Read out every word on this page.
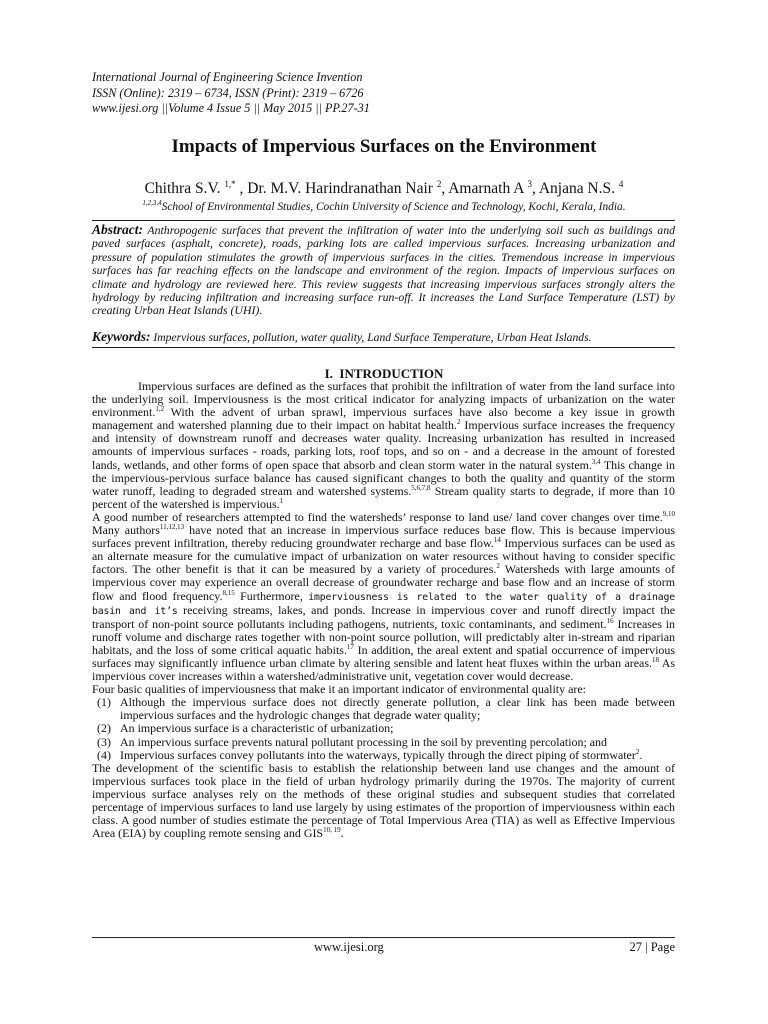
International Journal of Engineering Science Invention
ISSN (Online): 2319 – 6734, ISSN (Print): 2319 – 6726
www.ijesi.org ||Volume 4 Issue 5 || May 2015 || PP.27-31
Impacts of Impervious Surfaces on the Environment
Chithra S.V. $^{1,*}$ , Dr. M.V. Harindranathan Nair $^2$, Amarnath A $^3$, Anjana N.S. $^4$
$^{1,2,3,4}$School of Environmental Studies, Cochin University of Science and Technology, Kochi, Kerala, India.
Abstract: Anthropogenic surfaces that prevent the infiltration of water into the underlying soil such as buildings and paved surfaces (asphalt, concrete), roads, parking lots are called impervious surfaces. Increasing urbanization and pressure of population stimulates the growth of impervious surfaces in the cities. Tremendous increase in impervious surfaces has far reaching effects on the landscape and environment of the region. Impacts of impervious surfaces on climate and hydrology are reviewed here. This review suggests that increasing impervious surfaces strongly alters the hydrology by reducing infiltration and increasing surface run-off. It increases the Land Surface Temperature (LST) by creating Urban Heat Islands (UHI).
Keywords: Impervious surfaces, pollution, water quality, Land Surface Temperature, Urban Heat Islands.
I. INTRODUCTION

Impervious surfaces are defined as the surfaces that prohibit the infiltration of water from the land surface into the underlying soil. Imperviousness is the most critical indicator for analyzing impacts of urbanization on the water environment.$^{1,2}$ With the advent of urban sprawl, impervious surfaces have also become a key issue in growth management and watershed planning due to their impact on habitat health.$^2$ Impervious surface increases the frequency and intensity of downstream runoff and decreases water quality. Increasing urbanization has resulted in increased amounts of impervious surfaces - roads, parking lots, roof tops, and so on - and a decrease in the amount of forested lands, wetlands, and other forms of open space that absorb and clean storm water in the natural system.$^{3,4}$ This change in the impervious-pervious surface balance has caused significant changes to both the quality and quantity of the storm water runoff, leading to degraded stream and watershed systems.$^{5,6,7,8}$ Stream quality starts to degrade, if more than 10 percent of the watershed is impervious.$^1$

A good number of researchers attempted to find the watersheds’ response to land use/ land cover changes over time.$^{9,10}$ Many authors$^{11,12,13}$ have noted that an increase in impervious surface reduces base flow. This is because impervious surfaces prevent infiltration, thereby reducing groundwater recharge and base flow.$^{14}$ Impervious surfaces can be used as an alternate measure for the cumulative impact of urbanization on water resources without having to consider specific factors. The other benefit is that it can be measured by a variety of procedures.$^2$ Watersheds with large amounts of impervious cover may experience an overall decrease of groundwater recharge and base flow and an increase of storm flow and flood frequency.$^{8,15}$ Furthermore, imperviousness is related to the water quality of a drainage basin and it’s receiving streams, lakes, and ponds. Increase in impervious cover and runoff directly impact the transport of non-point source pollutants including pathogens, nutrients, toxic contaminants, and sediment.$^{16}$ Increases in runoff volume and discharge rates together with non-point source pollution, will predictably alter in-stream and riparian habitats, and the loss of some critical aquatic habits.$^{17}$ In addition, the areal extent and spatial occurrence of impervious surfaces may significantly influence urban climate by altering sensible and latent heat fluxes within the urban areas.$^{18}$ As impervious cover increases within a watershed/administrative unit, vegetation cover would decrease.

Four basic qualities of imperviousness that make it an important indicator of environmental quality are:

(1) Although the impervious surface does not directly generate pollution, a clear link has been made between impervious surfaces and the hydrologic changes that degrade water quality;
(2) An impervious surface is a characteristic of urbanization;
(3) An impervious surface prevents natural pollutant processing in the soil by preventing percolation; and
(4) Impervious surfaces convey pollutants into the waterways, typically through the direct piping of stormwater$^2$.

The development of the scientific basis to establish the relationship between land use changes and the amount of impervious surfaces took place in the field of urban hydrology primarily during the 1970s. The majority of current impervious surface analyses rely on the methods of these original studies and subsequent studies that correlated percentage of impervious surfaces to land use largely by using estimates of the proportion of imperviousness within each class. A good number of studies estimate the percentage of Total Impervious Area (TIA) as well as Effective Impervious Area (EIA) by coupling remote sensing and GIS$^{10, 19}$.

www.ijesi.org	27 | Page
